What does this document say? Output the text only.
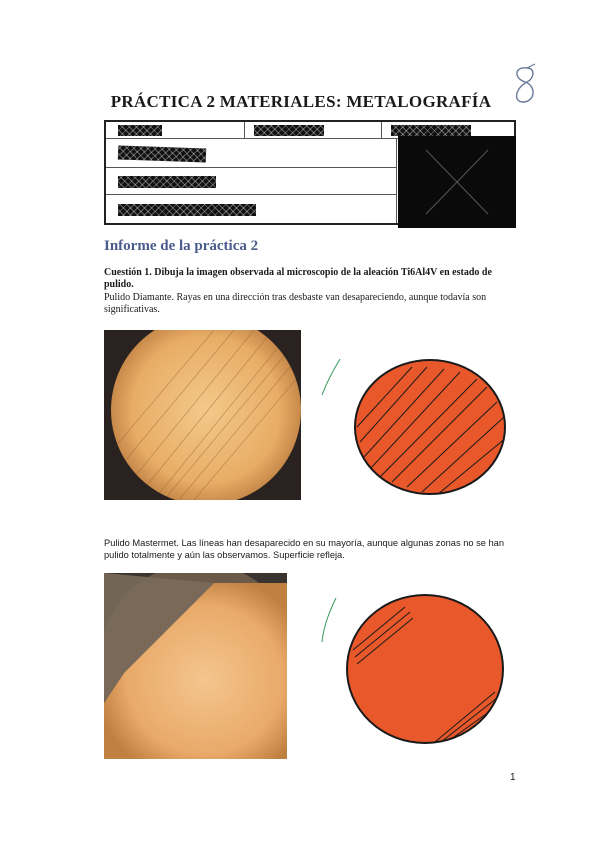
PRÁCTICA 2 MATERIALES: METALOGRAFÍA
Informe de la práctica 2
Cuestión 1. Dibuja la imagen observada al microscopio de la aleación Ti6Al4V en estado de pulido.
Pulido Diamante. Rayas en una dirección tras desbaste van desapareciendo, aunque todavía son significativas.
Pulido Mastermet. Las líneas han desaparecido en su mayoría, aunque algunas zonas no se han pulido totalmente y aún las observamos. Superficie refleja.
1
